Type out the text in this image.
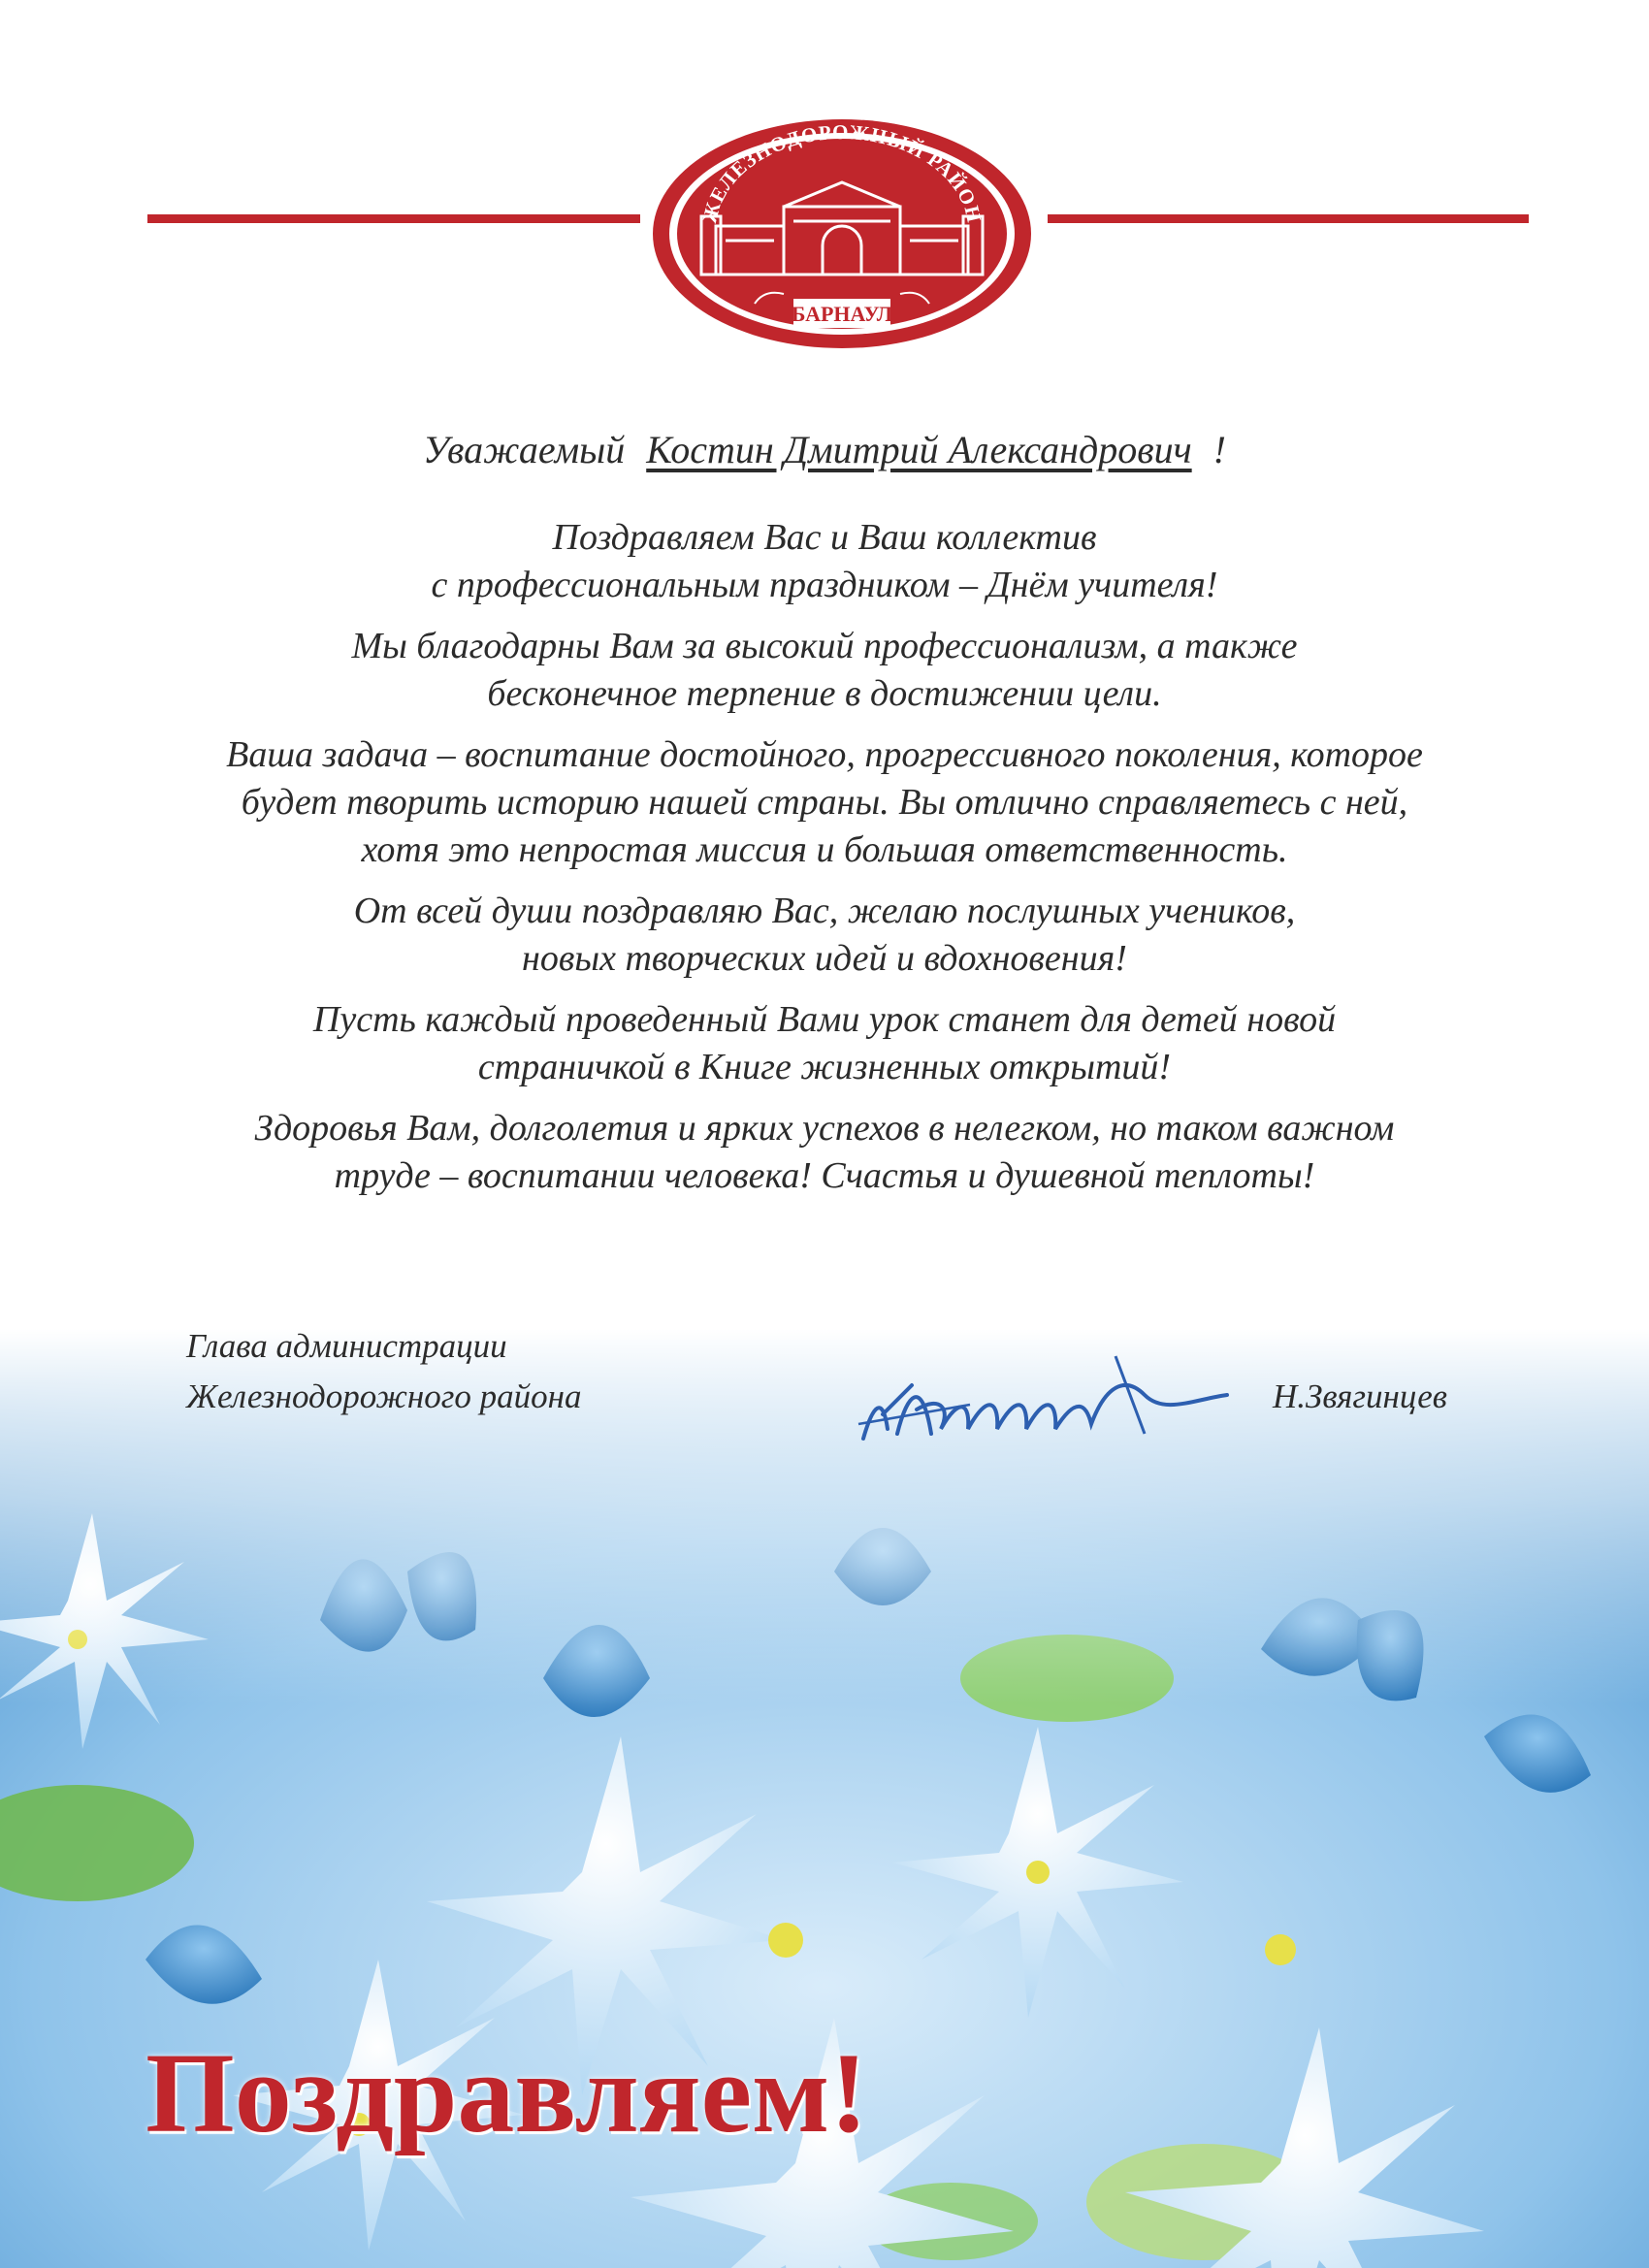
ЖЕЛЕЗНОДОРОЖНЫЙ РАЙОН
БАРНАУЛ
Уважаемый Костин Дмитрий Александрович !

Поздравляем Вас и Ваш коллектив
с профессиональным праздником – Днём учителя!

Мы благодарны Вам за высокий профессионализм, а также
бесконечное терпение в достижении цели.

Ваша задача – воспитание достойного, прогрессивного поколения, которое
будет творить историю нашей страны. Вы отлично справляетесь с ней,
хотя это непростая миссия и большая ответственность.

От всей души поздравляю Вас, желаю послушных учеников,
новых творческих идей и вдохновения!

Пусть каждый проведенный Вами урок станет для детей новой
страничкой в Книге жизненных открытий!

Здоровья Вам, долголетия и ярких успехов в нелегком, но таком важном
труде – воспитании человека! Счастья и душевной теплоты!

Глава администрации
Железнодорожного района	Н.Звягинцев
Поздравляем!
